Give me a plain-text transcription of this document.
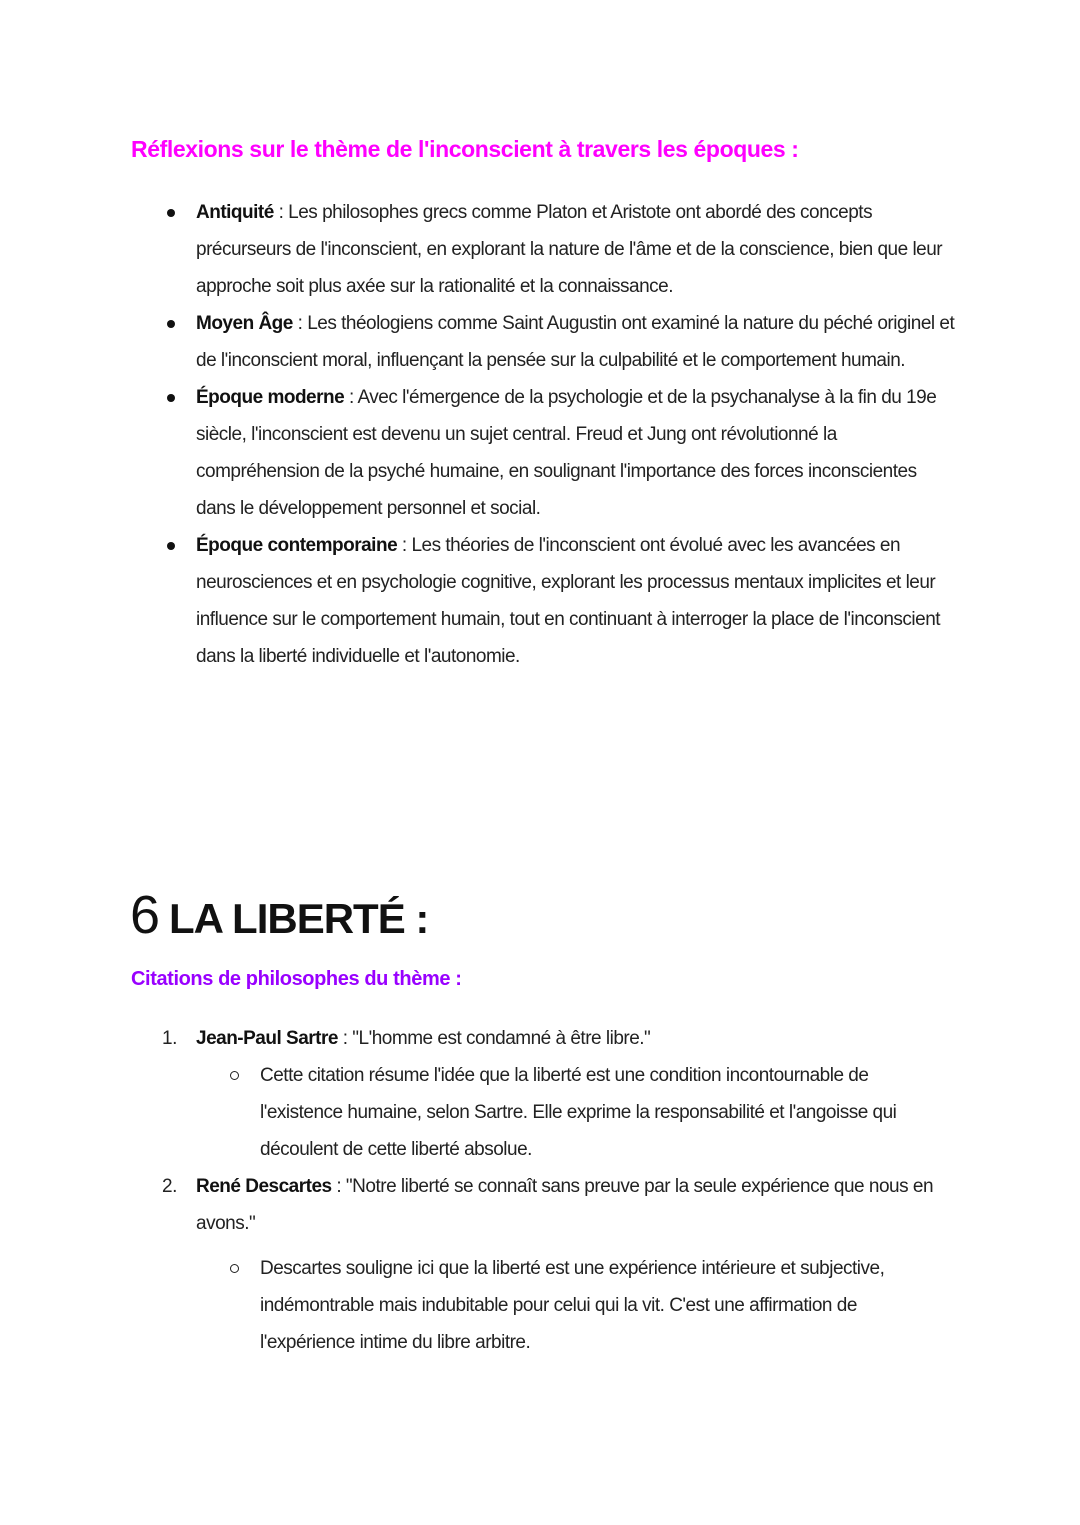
Réflexions sur le thème de l'inconscient à travers les époques :
Antiquité : Les philosophes grecs comme Platon et Aristote ont abordé des concepts précurseurs de l'inconscient, en explorant la nature de l'âme et de la conscience, bien que leur approche soit plus axée sur la rationalité et la connaissance.
Moyen Âge : Les théologiens comme Saint Augustin ont examiné la nature du péché originel et de l'inconscient moral, influençant la pensée sur la culpabilité et le comportement humain.
Époque moderne : Avec l'émergence de la psychologie et de la psychanalyse à la fin du 19e siècle, l'inconscient est devenu un sujet central. Freud et Jung ont révolutionné la compréhension de la psyché humaine, en soulignant l'importance des forces inconscientes dans le développement personnel et social.
Époque contemporaine : Les théories de l'inconscient ont évolué avec les avancées en neurosciences et en psychologie cognitive, explorant les processus mentaux implicites et leur influence sur le comportement humain, tout en continuant à interroger la place de l'inconscient dans la liberté individuelle et l'autonomie.
6 LA LIBERTÉ :
Citations de philosophes du thème :
1. Jean-Paul Sartre : "L'homme est condamné à être libre."
Cette citation résume l'idée que la liberté est une condition incontournable de l'existence humaine, selon Sartre. Elle exprime la responsabilité et l'angoisse qui découlent de cette liberté absolue.
2. René Descartes : "Notre liberté se connaît sans preuve par la seule expérience que nous en avons."
Descartes souligne ici que la liberté est une expérience intérieure et subjective, indémontrable mais indubitable pour celui qui la vit. C'est une affirmation de l'expérience intime du libre arbitre.
